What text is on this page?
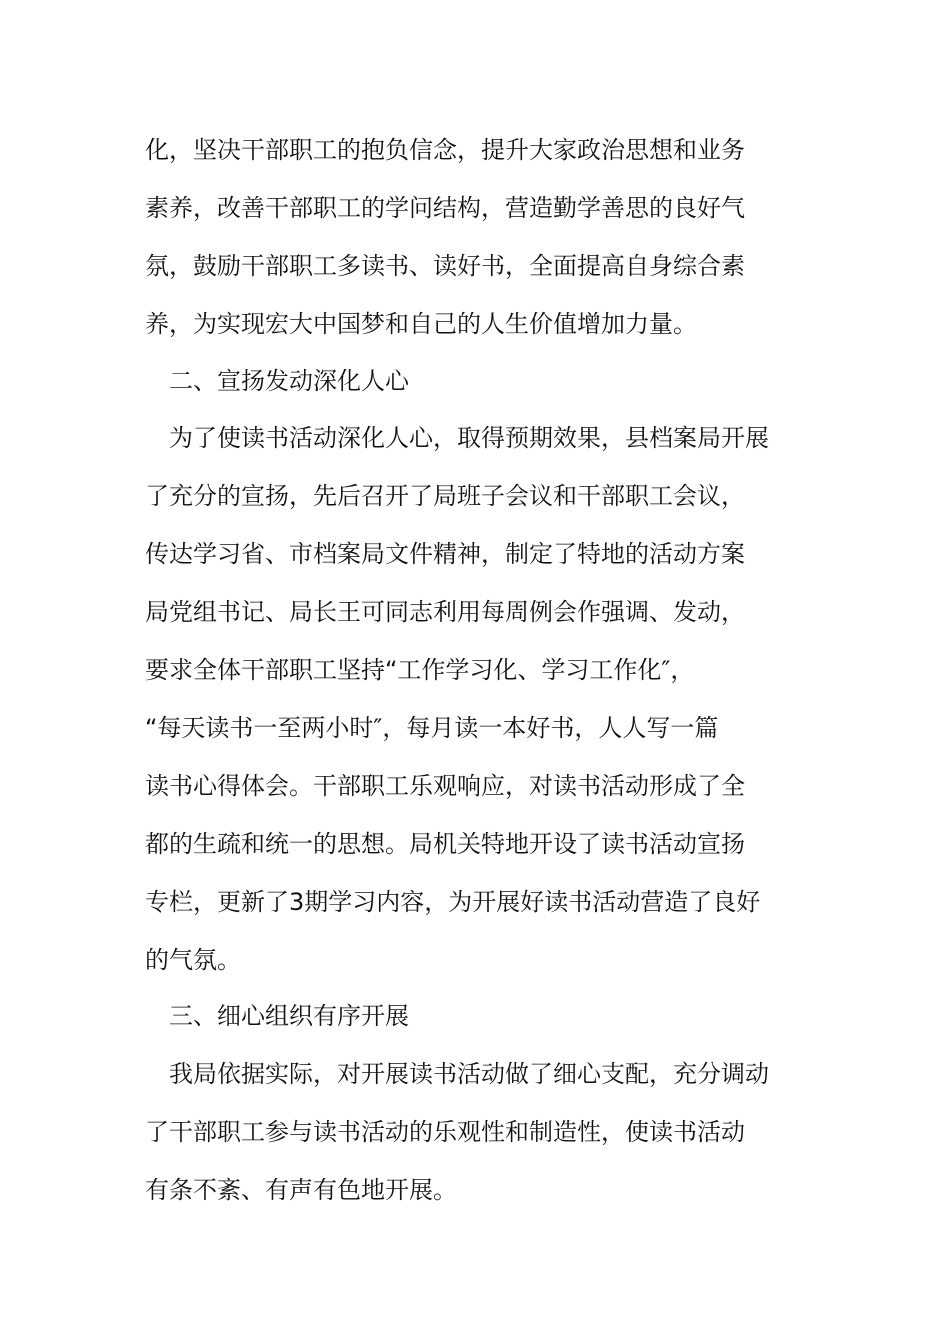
化，坚决干部职工的抱负信念，提升大家政治思想和业务

素养，改善干部职工的学问结构，营造勤学善思的良好气

氛，鼓励干部职工多读书、读好书，全面提高自身综合素

养，为实现宏大中国梦和自己的人生价值增加力量。

二、宣扬发动深化人心

为了使读书活动深化人心，取得预期效果，县档案局开展

了充分的宣扬，先后召开了局班子会议和干部职工会议，

传达学习省、市档案局文件精神，制定了特地的活动方案

局党组书记、局长王可同志利用每周例会作强调、发动，

要求全体干部职工坚持“工作学习化、学习工作化″，

“每天读书一至两小时″，每月读一本好书，人人写一篇

读书心得体会。干部职工乐观响应，对读书活动形成了全

都的生疏和统一的思想。局机关特地开设了读书活动宣扬

专栏，更新了3期学习内容，为开展好读书活动营造了良好

的气氛。

三、细心组织有序开展

我局依据实际，对开展读书活动做了细心支配，充分调动

了干部职工参与读书活动的乐观性和制造性，使读书活动

有条不紊、有声有色地开展。
